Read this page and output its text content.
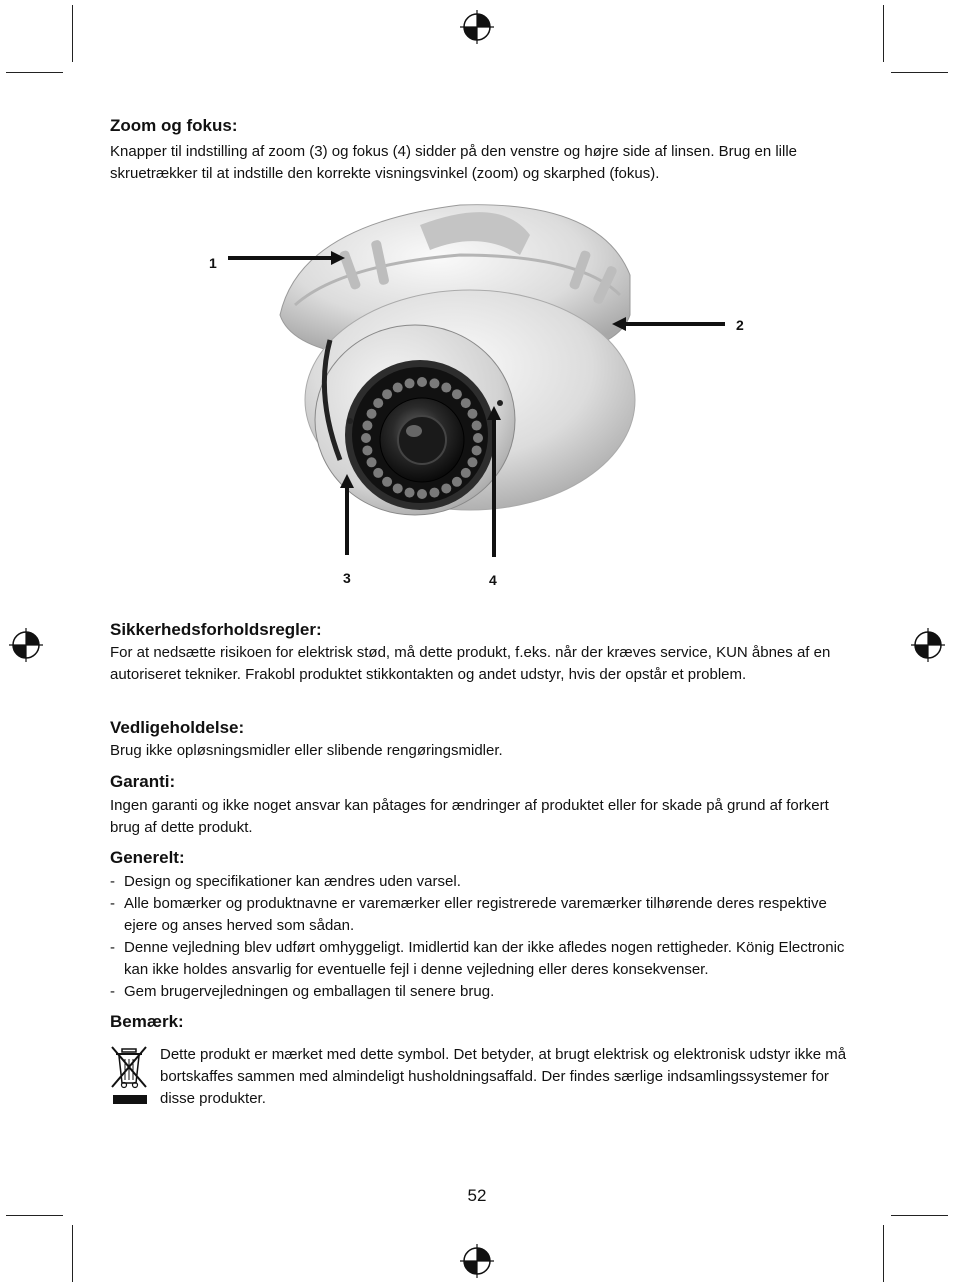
Zoom og fokus:

Knapper til indstilling af zoom (3) og fokus (4) sidder på den venstre og højre side af linsen. Brug en lille skruetrækker til at indstille den korrekte visningsvinkel (zoom) og skarphed (fokus).

1
2
3	4
Sikkerhedsforholdsregler:

For at nedsætte risikoen for elektrisk stød, må dette produkt, f.eks. når der kræves service, KUN åbnes af en autoriseret tekniker. Frakobl produktet stikkontakten og andet udstyr, hvis der opstår et problem.

Vedligeholdelse:

Brug ikke opløsningsmidler eller slibende rengøringsmidler.

Garanti:

Ingen garanti og ikke noget ansvar kan påtages for ændringer af produktet eller for skade på grund af forkert brug af dette produkt.

Generelt:
- Design og specifikationer kan ændres uden varsel.
- Alle bomærker og produktnavne er varemærker eller registrerede varemærker tilhørende deres respektive ejere og anses herved som sådan.
- Denne vejledning blev udført omhyggeligt. Imidlertid kan der ikke afledes nogen rettigheder. König Electronic kan ikke holdes ansvarlig for eventuelle fejl i denne vejledning eller deres konsekvenser.
- Gem brugervejledningen og emballagen til senere brug.
Bemærk:

Dette produkt er mærket med dette symbol. Det betyder, at brugt elektrisk og elektronisk udstyr ikke må bortskaffes sammen med almindeligt husholdningsaffald. Der findes særlige indsamlingssystemer for disse produkter.

52
